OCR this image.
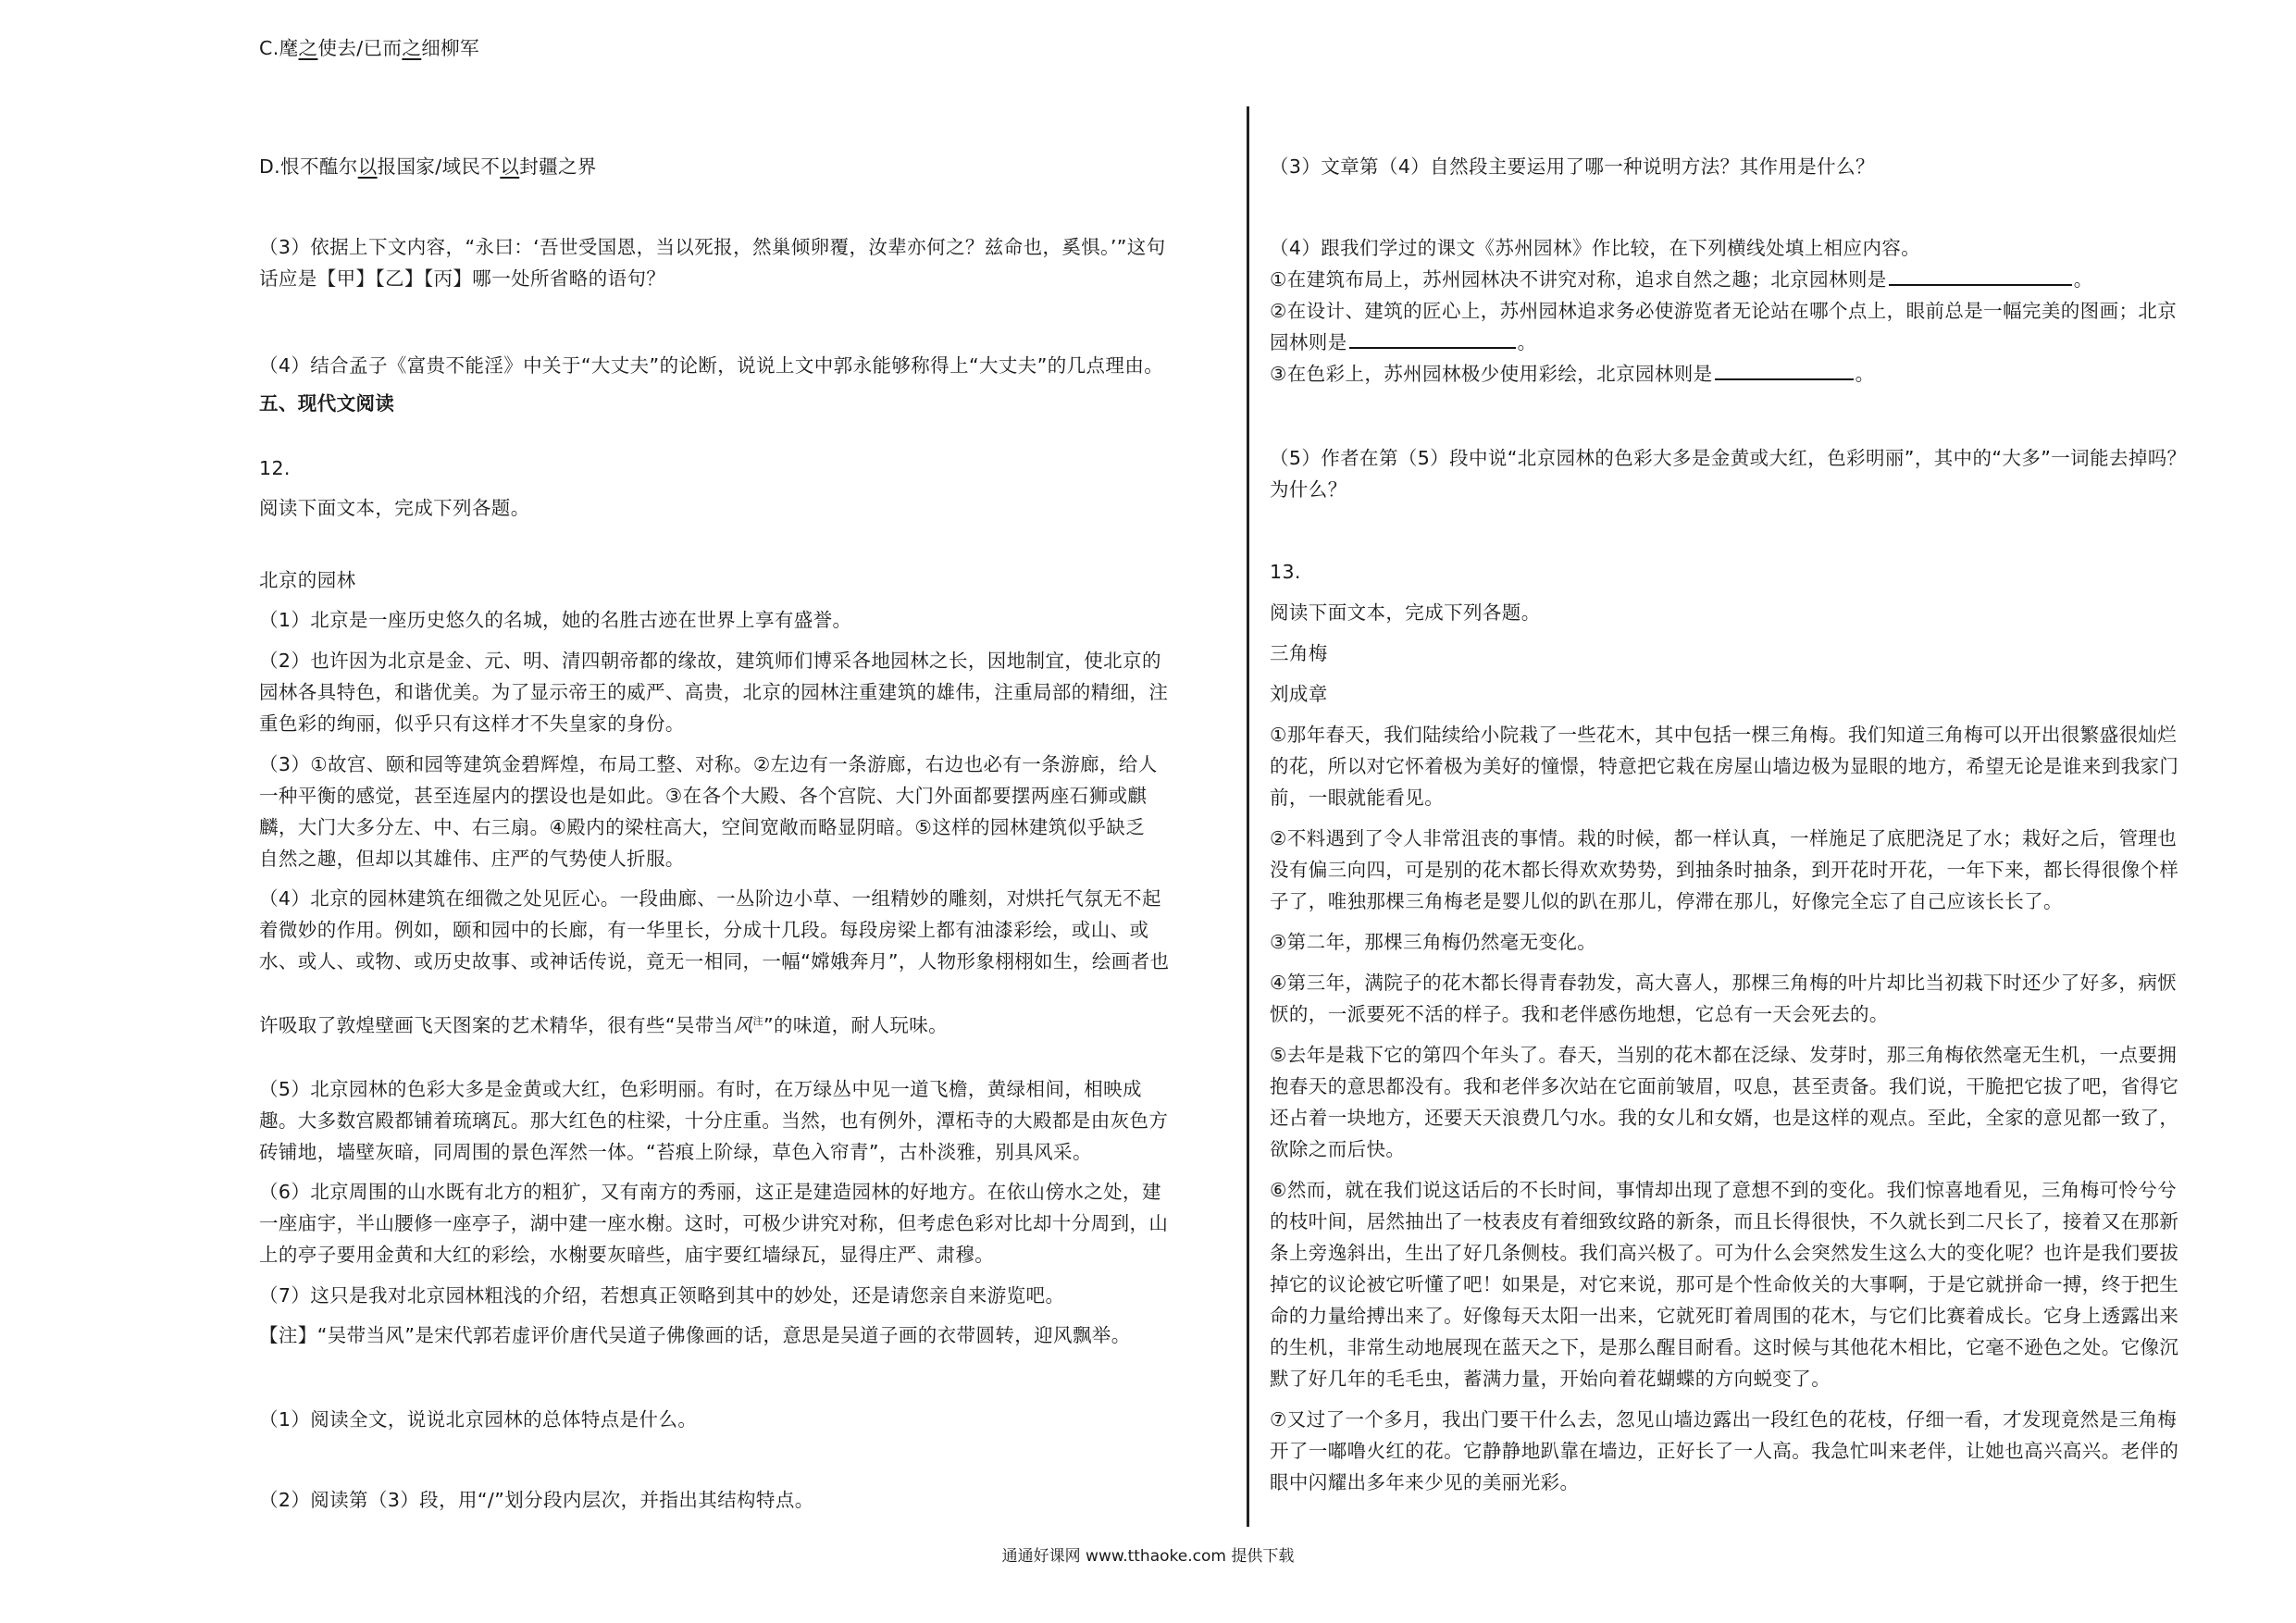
C.麾之使去/已而之细柳军
D.恨不醢尔以报国家/域民不以封疆之界
（3）依据上下文内容，“永曰：‘吾世受国恩，当以死报，然巢倾卵覆，汝辈亦何之？兹命也，奚惧。’”这句
话应是【甲】【乙】【丙】哪一处所省略的语句？
（4）结合孟子《富贵不能淫》中关于“大丈夫”的论断，说说上文中郭永能够称得上“大丈夫”的几点理由。
五、现代文阅读
12.
阅读下面文本，完成下列各题。
北京的园林
（1）北京是一座历史悠久的名城，她的名胜古迹在世界上享有盛誉。
（2）也许因为北京是金、元、明、清四朝帝都的缘故，建筑师们博采各地园林之长，因地制宜，使北京的
园林各具特色，和谐优美。为了显示帝王的威严、高贵，北京的园林注重建筑的雄伟，注重局部的精细，注
重色彩的绚丽，似乎只有这样才不失皇家的身份。
（3）①故宫、颐和园等建筑金碧辉煌，布局工整、对称。②左边有一条游廊，右边也必有一条游廊，给人
一种平衡的感觉，甚至连屋内的摆设也是如此。③在各个大殿、各个宫院、大门外面都要摆两座石狮或麒
麟，大门大多分左、中、右三扇。④殿内的梁柱高大，空间宽敞而略显阴暗。⑤这样的园林建筑似乎缺乏
自然之趣，但却以其雄伟、庄严的气势使人折服。
（4）北京的园林建筑在细微之处见匠心。一段曲廊、一丛阶边小草、一组精妙的雕刻，对烘托气氛无不起
着微妙的作用。例如，颐和园中的长廊，有一华里长，分成十几段。每段房梁上都有油漆彩绘，或山、或
水、或人、或物、或历史故事、或神话传说，竟无一相同，一幅“嫦娥奔月”，人物形象栩栩如生，绘画者也
许吸取了敦煌壁画飞天图案的艺术精华，很有些“吴带当风$^注$”的味道，耐人玩味。
（5）北京园林的色彩大多是金黄或大红，色彩明丽。有时，在万绿丛中见一道飞檐，黄绿相间，相映成
趣。大多数宫殿都铺着琉璃瓦。那大红色的柱梁，十分庄重。当然，也有例外，潭柘寺的大殿都是由灰色方
砖铺地，墙壁灰暗，同周围的景色浑然一体。“苔痕上阶绿，草色入帘青”，古朴淡雅，别具风采。
（6）北京周围的山水既有北方的粗犷，又有南方的秀丽，这正是建造园林的好地方。在依山傍水之处，建
一座庙宇，半山腰修一座亭子，湖中建一座水榭。这时，可极少讲究对称，但考虑色彩对比却十分周到，山
上的亭子要用金黄和大红的彩绘，水榭要灰暗些，庙宇要红墙绿瓦，显得庄严、肃穆。
（7）这只是我对北京园林粗浅的介绍，若想真正领略到其中的妙处，还是请您亲自来游览吧。
【注】“吴带当风”是宋代郭若虚评价唐代吴道子佛像画的话，意思是吴道子画的衣带圆转，迎风飘举。
（1）阅读全文，说说北京园林的总体特点是什么。
（2）阅读第（3）段，用“/”划分段内层次，并指出其结构特点。
（3）文章第（4）自然段主要运用了哪一种说明方法？其作用是什么？
（4）跟我们学过的课文《苏州园林》作比较，在下列横线处填上相应内容。
①在建筑布局上，苏州园林决不讲究对称，追求自然之趣；北京园林则是	。
②在设计、建筑的匠心上，苏州园林追求务必使游览者无论站在哪个点上，眼前总是一幅完美的图画；北京
园林则是	。
③在色彩上，苏州园林极少使用彩绘，北京园林则是	。
（5）作者在第（5）段中说“北京园林的色彩大多是金黄或大红，色彩明丽”，其中的“大多”一词能去掉吗？
为什么？
13.
阅读下面文本，完成下列各题。
三角梅
刘成章
①那年春天，我们陆续给小院栽了一些花木，其中包括一棵三角梅。我们知道三角梅可以开出很繁盛很灿烂
的花，所以对它怀着极为美好的憧憬，特意把它栽在房屋山墙边极为显眼的地方，希望无论是谁来到我家门
前，一眼就能看见。
②不料遇到了令人非常沮丧的事情。栽的时候，都一样认真，一样施足了底肥浇足了水；栽好之后，管理也
没有偏三向四，可是别的花木都长得欢欢势势，到抽条时抽条，到开花时开花，一年下来，都长得很像个样
子了，唯独那棵三角梅老是婴儿似的趴在那儿，停滞在那儿，好像完全忘了自己应该长长了。
③第二年，那棵三角梅仍然毫无变化。
④第三年，满院子的花木都长得青春勃发，高大喜人，那棵三角梅的叶片却比当初栽下时还少了好多，病恹
恹的，一派要死不活的样子。我和老伴感伤地想，它总有一天会死去的。
⑤去年是栽下它的第四个年头了。春天，当别的花木都在泛绿、发芽时，那三角梅依然毫无生机，一点要拥
抱春天的意思都没有。我和老伴多次站在它面前皱眉，叹息，甚至责备。我们说，干脆把它拔了吧，省得它
还占着一块地方，还要天天浪费几勺水。我的女儿和女婿，也是这样的观点。至此，全家的意见都一致了，
欲除之而后快。
⑥然而，就在我们说这话后的不长时间，事情却出现了意想不到的变化。我们惊喜地看见，三角梅可怜兮兮
的枝叶间，居然抽出了一枝表皮有着细致纹路的新条，而且长得很快，不久就长到二尺长了，接着又在那新
条上旁逸斜出，生出了好几条侧枝。我们高兴极了。可为什么会突然发生这么大的变化呢？也许是我们要拔
掉它的议论被它听懂了吧！如果是，对它来说，那可是个性命攸关的大事啊，于是它就拼命一搏，终于把生
命的力量给搏出来了。好像每天太阳一出来，它就死盯着周围的花木，与它们比赛着成长。它身上透露出来
的生机，非常生动地展现在蓝天之下，是那么醒目耐看。这时候与其他花木相比，它毫不逊色之处。它像沉
默了好几年的毛毛虫，蓄满力量，开始向着花蝴蝶的方向蜕变了。
⑦又过了一个多月，我出门要干什么去，忽见山墙边露出一段红色的花枝，仔细一看，才发现竟然是三角梅
开了一嘟噜火红的花。它静静地趴靠在墙边，正好长了一人高。我急忙叫来老伴，让她也高兴高兴。老伴的
眼中闪耀出多年来少见的美丽光彩。
通通好课网 www.tthaoke.com 提供下载
